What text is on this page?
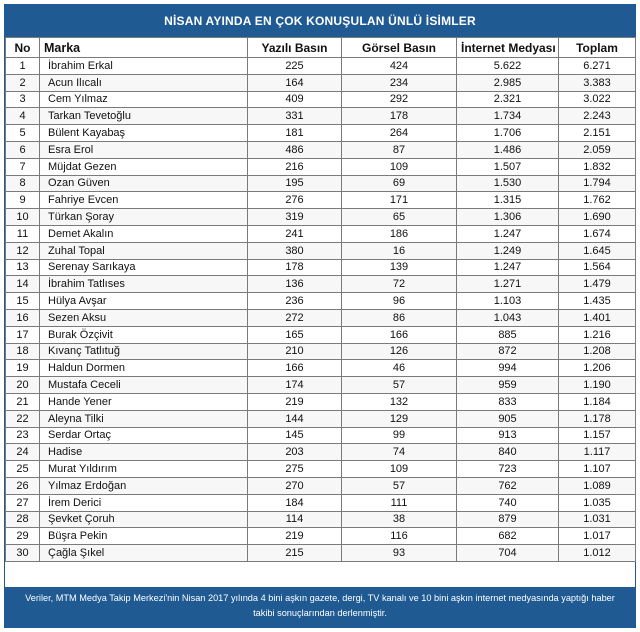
NİSAN AYINDA EN ÇOK KONUŞULAN ÜNLÜ İSİMLER
No	Marka	Yazılı Basın	Görsel Basın	İnternet Medyası	Toplam
1	İbrahim Erkal	225	424	5.622	6.271
2	Acun Ilıcalı	164	234	2.985	3.383
3	Cem Yılmaz	409	292	2.321	3.022
4	Tarkan Tevetoğlu	331	178	1.734	2.243
5	Bülent Kayabaş	181	264	1.706	2.151
6	Esra Erol	486	87	1.486	2.059
7	Müjdat Gezen	216	109	1.507	1.832
8	Ozan Güven	195	69	1.530	1.794
9	Fahriye Evcen	276	171	1.315	1.762
10	Türkan Şoray	319	65	1.306	1.690
11	Demet Akalın	241	186	1.247	1.674
12	Zuhal Topal	380	16	1.249	1.645
13	Serenay Sarıkaya	178	139	1.247	1.564
14	İbrahim Tatlıses	136	72	1.271	1.479
15	Hülya Avşar	236	96	1.103	1.435
16	Sezen Aksu	272	86	1.043	1.401
17	Burak Özçivit	165	166	885	1.216
18	Kıvanç Tatlıtuğ	210	126	872	1.208
19	Haldun Dormen	166	46	994	1.206
20	Mustafa Ceceli	174	57	959	1.190
21	Hande Yener	219	132	833	1.184
22	Aleyna Tilki	144	129	905	1.178
23	Serdar Ortaç	145	99	913	1.157
24	Hadise	203	74	840	1.117
25	Murat Yıldırım	275	109	723	1.107
26	Yılmaz Erdoğan	270	57	762	1.089
27	İrem Derici	184	111	740	1.035
28	Şevket Çoruh	114	38	879	1.031
29	Büşra Pekin	219	116	682	1.017
30	Çağla Şıkel	215	93	704	1.012
Veriler, MTM Medya Takip Merkezi'nin Nisan 2017 yılında 4 bini aşkın gazete, dergi, TV kanalı ve 10 bini aşkın internet medyasında yaptığı haber takibi sonuçlarından derlenmiştir.
